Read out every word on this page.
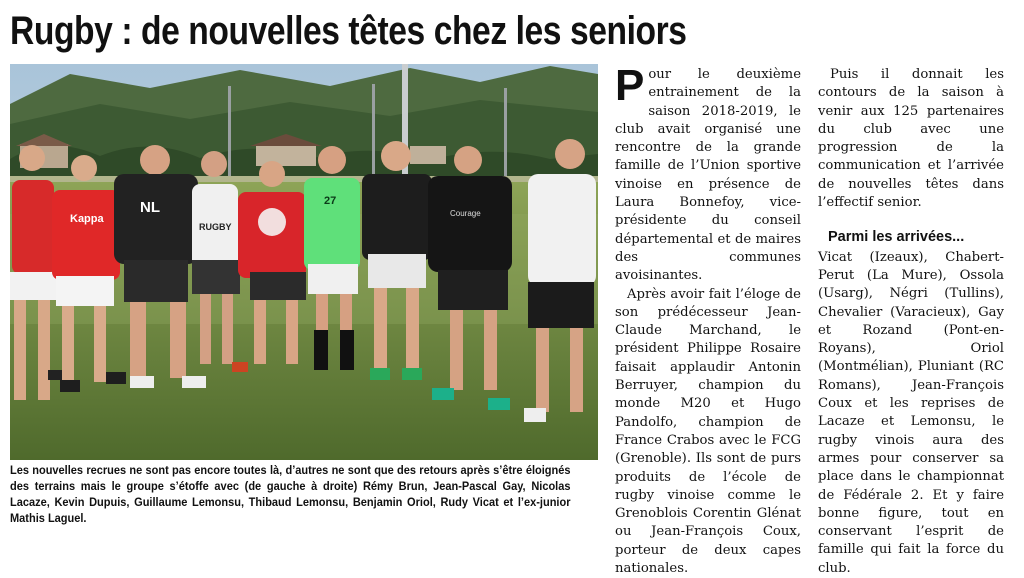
Rugby : de nouvelles têtes chez les seniors
Kappa
NL
RUGBY
27
Courage
Les nouvelles recrues ne sont pas encore toutes là, d’autres ne sont que des retours après s’être éloignés des terrains mais le groupe s’étoffe avec (de gauche à droite) Rémy Brun, Jean-Pascal Gay, Nicolas Lacaze, Kevin Dupuis, Guillaume Lemonsu, Thibaud Lemonsu, Benjamin Oriol, Rudy Vicat et l’ex-junior Mathis Laguel.

Pour le deuxième entrainement de la saison 2018-2019, le club avait organisé une rencontre de la grande famille de l’Union sportive vinoise en présence de Laura Bonnefoy, vice-présidente du conseil départemental et de maires des communes avoisinantes.

Après avoir fait l’éloge de son prédécesseur Jean-Claude Marchand, le président Philippe Rosaire faisait applaudir Antonin Berruyer, champion du monde M20 et Hugo Pandolfo, champion de France Crabos avec le FCG (Grenoble). Ils sont de purs produits de l’école de rugby vinoise comme le Grenoblois Corentin Glénat ou Jean-François Coux, porteur de deux capes nationales.

Puis il donnait les contours de la saison à venir aux 125 partenaires du club avec une progression de la communication et l’arrivée de nouvelles têtes dans l’effectif senior.

Parmi les arrivées...

Vicat (Izeaux), Chabert-Perut (La Mure), Ossola (Usarg), Négri (Tullins), Chevalier (Varacieux), Gay et Rozand (Pont-en-Royans), Oriol (Montmélian), Pluniant (RC Romans), Jean-François Coux et les reprises de Lacaze et Lemonsu, le rugby vinois aura des armes pour conserver sa place dans le championnat de Fédérale 2. Et y faire bonne figure, tout en conservant l’esprit de famille qui fait la force du club.
